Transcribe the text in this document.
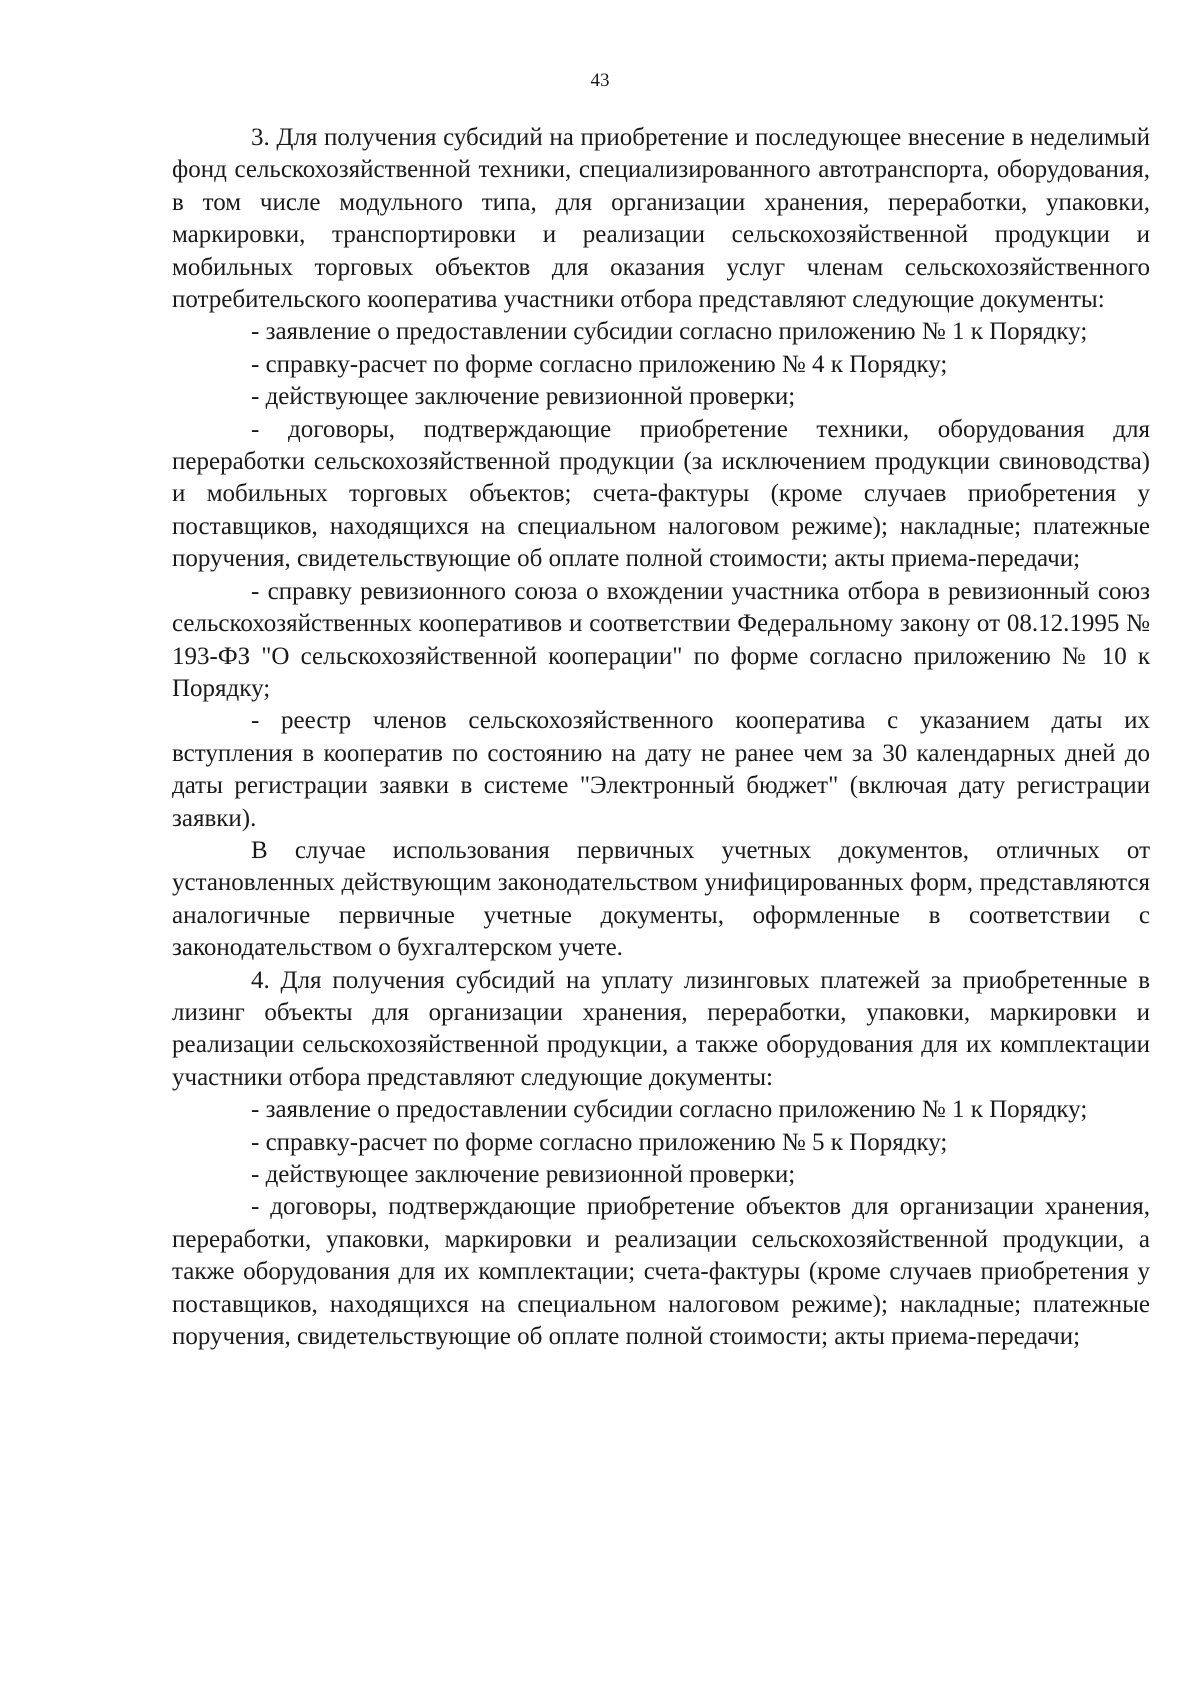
43

3. Для получения субсидий на приобретение и последующее внесение в неделимый фонд сельскохозяйственной техники, специализированного автотранспорта, оборудования, в том числе модульного типа, для организации хранения, переработки, упаковки, маркировки, транспортировки и реализации сельскохозяйственной продукции и мобильных торговых объектов для оказания услуг членам сельскохозяйственного потребительского кооператива участники отбора представляют следующие документы:

- заявление о предоставлении субсидии согласно приложению № 1 к Порядку;

- справку-расчет по форме согласно приложению № 4 к Порядку;

- действующее заключение ревизионной проверки;

- договоры, подтверждающие приобретение техники, оборудования для переработки сельскохозяйственной продукции (за исключением продукции свиноводства) и мобильных торговых объектов; счета-фактуры (кроме случаев приобретения у поставщиков, находящихся на специальном налоговом режиме); накладные; платежные поручения, свидетельствующие об оплате полной стоимости; акты приема-передачи;

- справку ревизионного союза о вхождении участника отбора в ревизионный союз сельскохозяйственных кооперативов и соответствии Федеральному закону от 08.12.1995 № 193-ФЗ "О сельскохозяйственной кооперации" по форме согласно приложению № 10 к Порядку;

- реестр членов сельскохозяйственного кооператива с указанием даты их вступления в кооператив по состоянию на дату не ранее чем за 30 календарных дней до даты регистрации заявки в системе "Электронный бюджет" (включая дату регистрации заявки).

В случае использования первичных учетных документов, отличных от установленных действующим законодательством унифицированных форм, представляются аналогичные первичные учетные документы, оформленные в соответствии с законодательством о бухгалтерском учете.

4. Для получения субсидий на уплату лизинговых платежей за приобретенные в лизинг объекты для организации хранения, переработки, упаковки, маркировки и реализации сельскохозяйственной продукции, а также оборудования для их комплектации участники отбора представляют следующие документы:

- заявление о предоставлении субсидии согласно приложению № 1 к Порядку;

- справку-расчет по форме согласно приложению № 5 к Порядку;

- действующее заключение ревизионной проверки;

- договоры, подтверждающие приобретение объектов для организации хранения, переработки, упаковки, маркировки и реализации сельскохозяйственной продукции, а также оборудования для их комплектации; счета-фактуры (кроме случаев приобретения у поставщиков, находящихся на специальном налоговом режиме); накладные; платежные поручения, свидетельствующие об оплате полной стоимости; акты приема-передачи;
